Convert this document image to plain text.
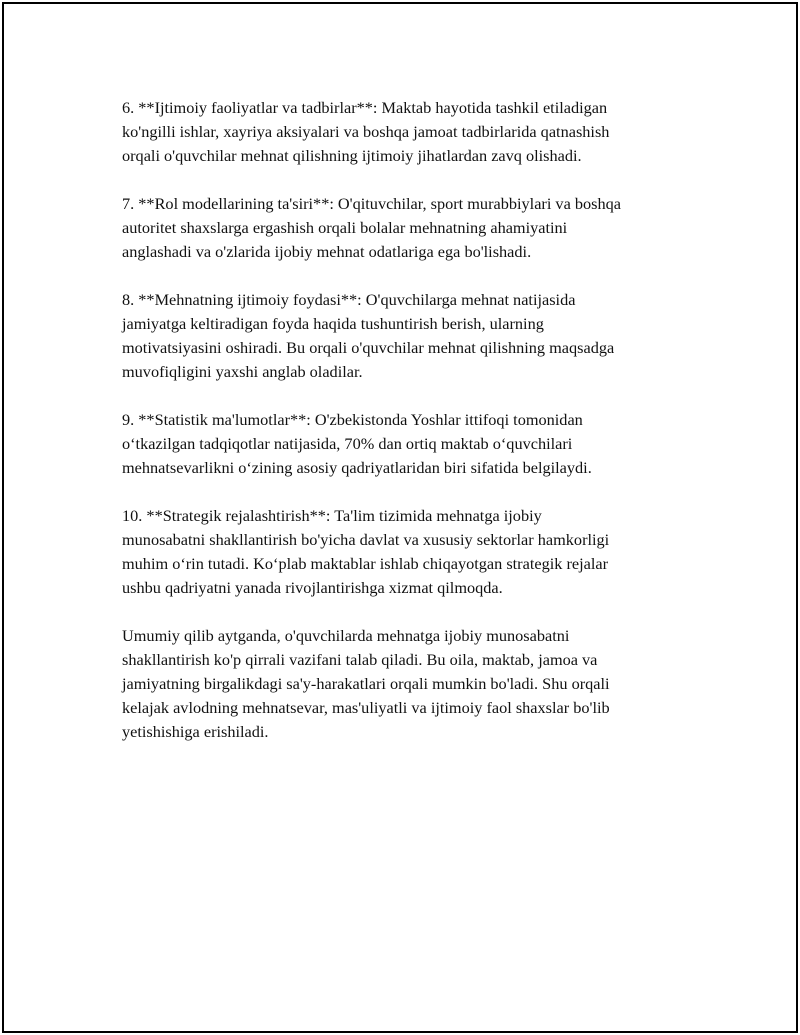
6. **Ijtimoiy faoliyatlar va tadbirlar**: Maktab hayotida tashkil etiladigan
ko'ngilli ishlar, xayriya aksiyalari va boshqa jamoat tadbirlarida qatnashish
orqali o'quvchilar mehnat qilishning ijtimoiy jihatlardan zavq olishadi.

7. **Rol modellarining ta'siri**: O'qituvchilar, sport murabbiylari va boshqa
autoritet shaxslarga ergashish orqali bolalar mehnatning ahamiyatini
anglashadi va o'zlarida ijobiy mehnat odatlariga ega bo'lishadi.

8. **Mehnatning ijtimoiy foydasi**: O'quvchilarga mehnat natijasida
jamiyatga keltiradigan foyda haqida tushuntirish berish, ularning
motivatsiyasini oshiradi. Bu orqali o'quvchilar mehnat qilishning maqsadga
muvofiqligini yaxshi anglab oladilar.

9. **Statistik ma'lumotlar**: O'zbekistonda Yoshlar ittifoqi tomonidan
o‘tkazilgan tadqiqotlar natijasida, 70% dan ortiq maktab o‘quvchilari
mehnatsevarlikni o‘zining asosiy qadriyatlaridan biri sifatida belgilaydi.

10. **Strategik rejalashtirish**: Ta'lim tizimida mehnatga ijobiy
munosabatni shakllantirish bo'yicha davlat va xususiy sektorlar hamkorligi
muhim o‘rin tutadi. Ko‘plab maktablar ishlab chiqayotgan strategik rejalar
ushbu qadriyatni yanada rivojlantirishga xizmat qilmoqda.

Umumiy qilib aytganda, o'quvchilarda mehnatga ijobiy munosabatni
shakllantirish ko'p qirrali vazifani talab qiladi. Bu oila, maktab, jamoa va
jamiyatning birgalikdagi sa'y-harakatlari orqali mumkin bo'ladi. Shu orqali
kelajak avlodning mehnatsevar, mas'uliyatli va ijtimoiy faol shaxslar bo'lib
yetishishiga erishiladi.
